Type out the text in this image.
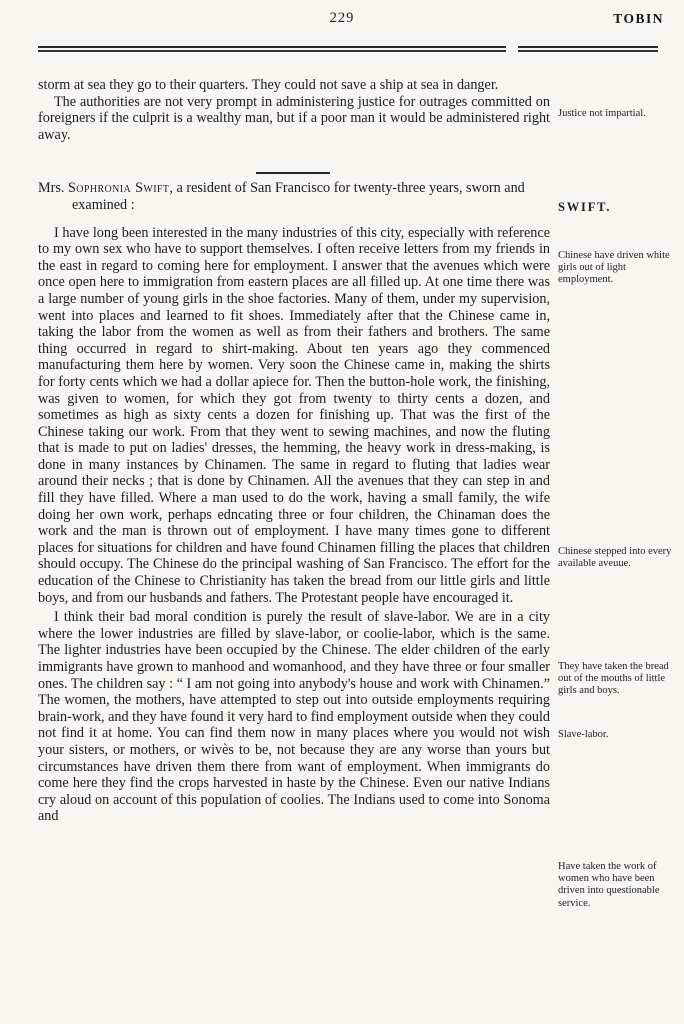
229	TOBIN

storm at sea they go to their quarters. They could not save a ship at sea in danger.

The authorities are not very prompt in administering justice for outrages committed on foreigners if the culprit is a wealthy man, but if a poor man it would be administered right away.

Mrs. Sophronia Swift, a resident of San Francisco for twenty-three years, sworn and examined :

I have long been interested in the many industries of this city, especially with reference to my own sex who have to support themselves. I often receive letters from my friends in the east in regard to coming here for employment. I answer that the avenues which were once open here to immigration from eastern places are all filled up. At one time there was a large number of young girls in the shoe factories. Many of them, under my supervision, went into places and learned to fit shoes. Immediately after that the Chinese came in, taking the labor from the women as well as from their fathers and brothers. The same thing occurred in regard to shirt-making. About ten years ago they commenced manufacturing them here by women. Very soon the Chinese came in, making the shirts for forty cents which we had a dollar apiece for. Then the button-hole work, the finishing, was given to women, for which they got from twenty to thirty cents a dozen, and sometimes as high as sixty cents a dozen for finishing up. That was the first of the Chinese taking our work. From that they went to sewing machines, and now the fluting that is made to put on ladies' dresses, the hemming, the heavy work in dress-making, is done in many instances by Chinamen. The same in regard to fluting that ladies wear around their necks ; that is done by Chinamen. All the avenues that they can step in and fill they have filled. Where a man used to do the work, having a small family, the wife doing her own work, perhaps edncating three or four children, the Chinaman does the work and the man is thrown out of employment. I have many times gone to different places for situations for children and have found Chinamen filling the places that children should occupy. The Chinese do the principal washing of San Francisco. The effort for the education of the Chinese to Christianity has taken the bread from our little girls and little boys, and from our husbands and fathers. The Protestant people have encouraged it.

I think their bad moral condition is purely the result of slave-labor. We are in a city where the lower industries are filled by slave-labor, or coolie-labor, which is the same. The lighter industries have been occupied by the Chinese. The elder children of the early immigrants have grown to manhood and womanhood, and they have three or four smaller ones. The children say : “ I am not going into anybody's house and work with Chinamen.” The women, the mothers, have attempted to step out into outside employments requiring brain-work, and they have found it very hard to find employment outside when they could not find it at home. You can find them now in many places where you would not wish your sisters, or mothers, or wivès to be, not because they are any worse than yours but circumstances have driven them there from want of employment. When immigrants do come here they find the crops harvested in haste by the Chinese. Even our native Indians cry aloud on account of this population of coolies. The Indians used to come into Sonoma and

Justice not impartial.
SWIFT.
Chinese have driven white girls out of light employment.
Chinese stepped into every available aveuue.
They have taken the bread out of the mouths of little girls and boys.
Slave-labor.
Have taken the work of women who have been driven into questionable service.
